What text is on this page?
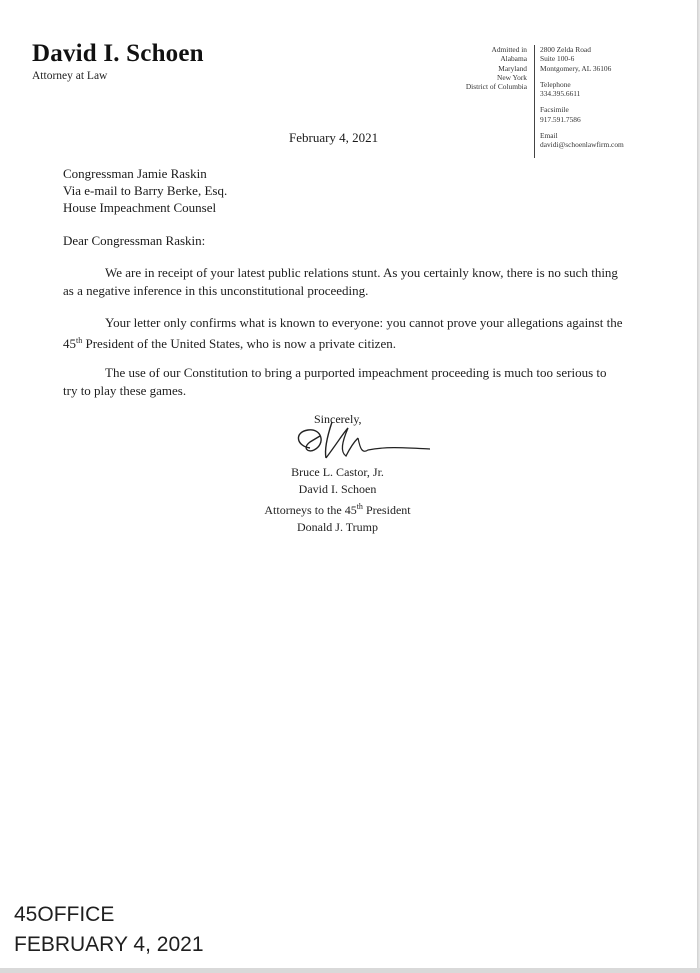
David I. Schoen
Attorney at Law
Admitted in
Alabama
Maryland
New York
District of Columbia
2800 Zelda Road
Suite 100-6
Montgomery, AL 36106
Telephone
334.395.6611
Facsimile
917.591.7586
Email
davidi@schoenlawfirm.com
February 4, 2021
Congressman Jamie Raskin
Via e-mail to Barry Berke, Esq.
House Impeachment Counsel
Dear Congressman Raskin:
We are in receipt of your latest public relations stunt. As you certainly know, there is no such thing as a negative inference in this unconstitutional proceeding.
Your letter only confirms what is known to everyone: you cannot prove your allegations against the 45th President of the United States, who is now a private citizen.
The use of our Constitution to bring a purported impeachment proceeding is much too serious to try to play these games.
Sincerely,
Bruce L. Castor, Jr.
David I. Schoen
Attorneys to the 45th President
Donald J. Trump
45OFFICE
FEBRUARY 4, 2021
